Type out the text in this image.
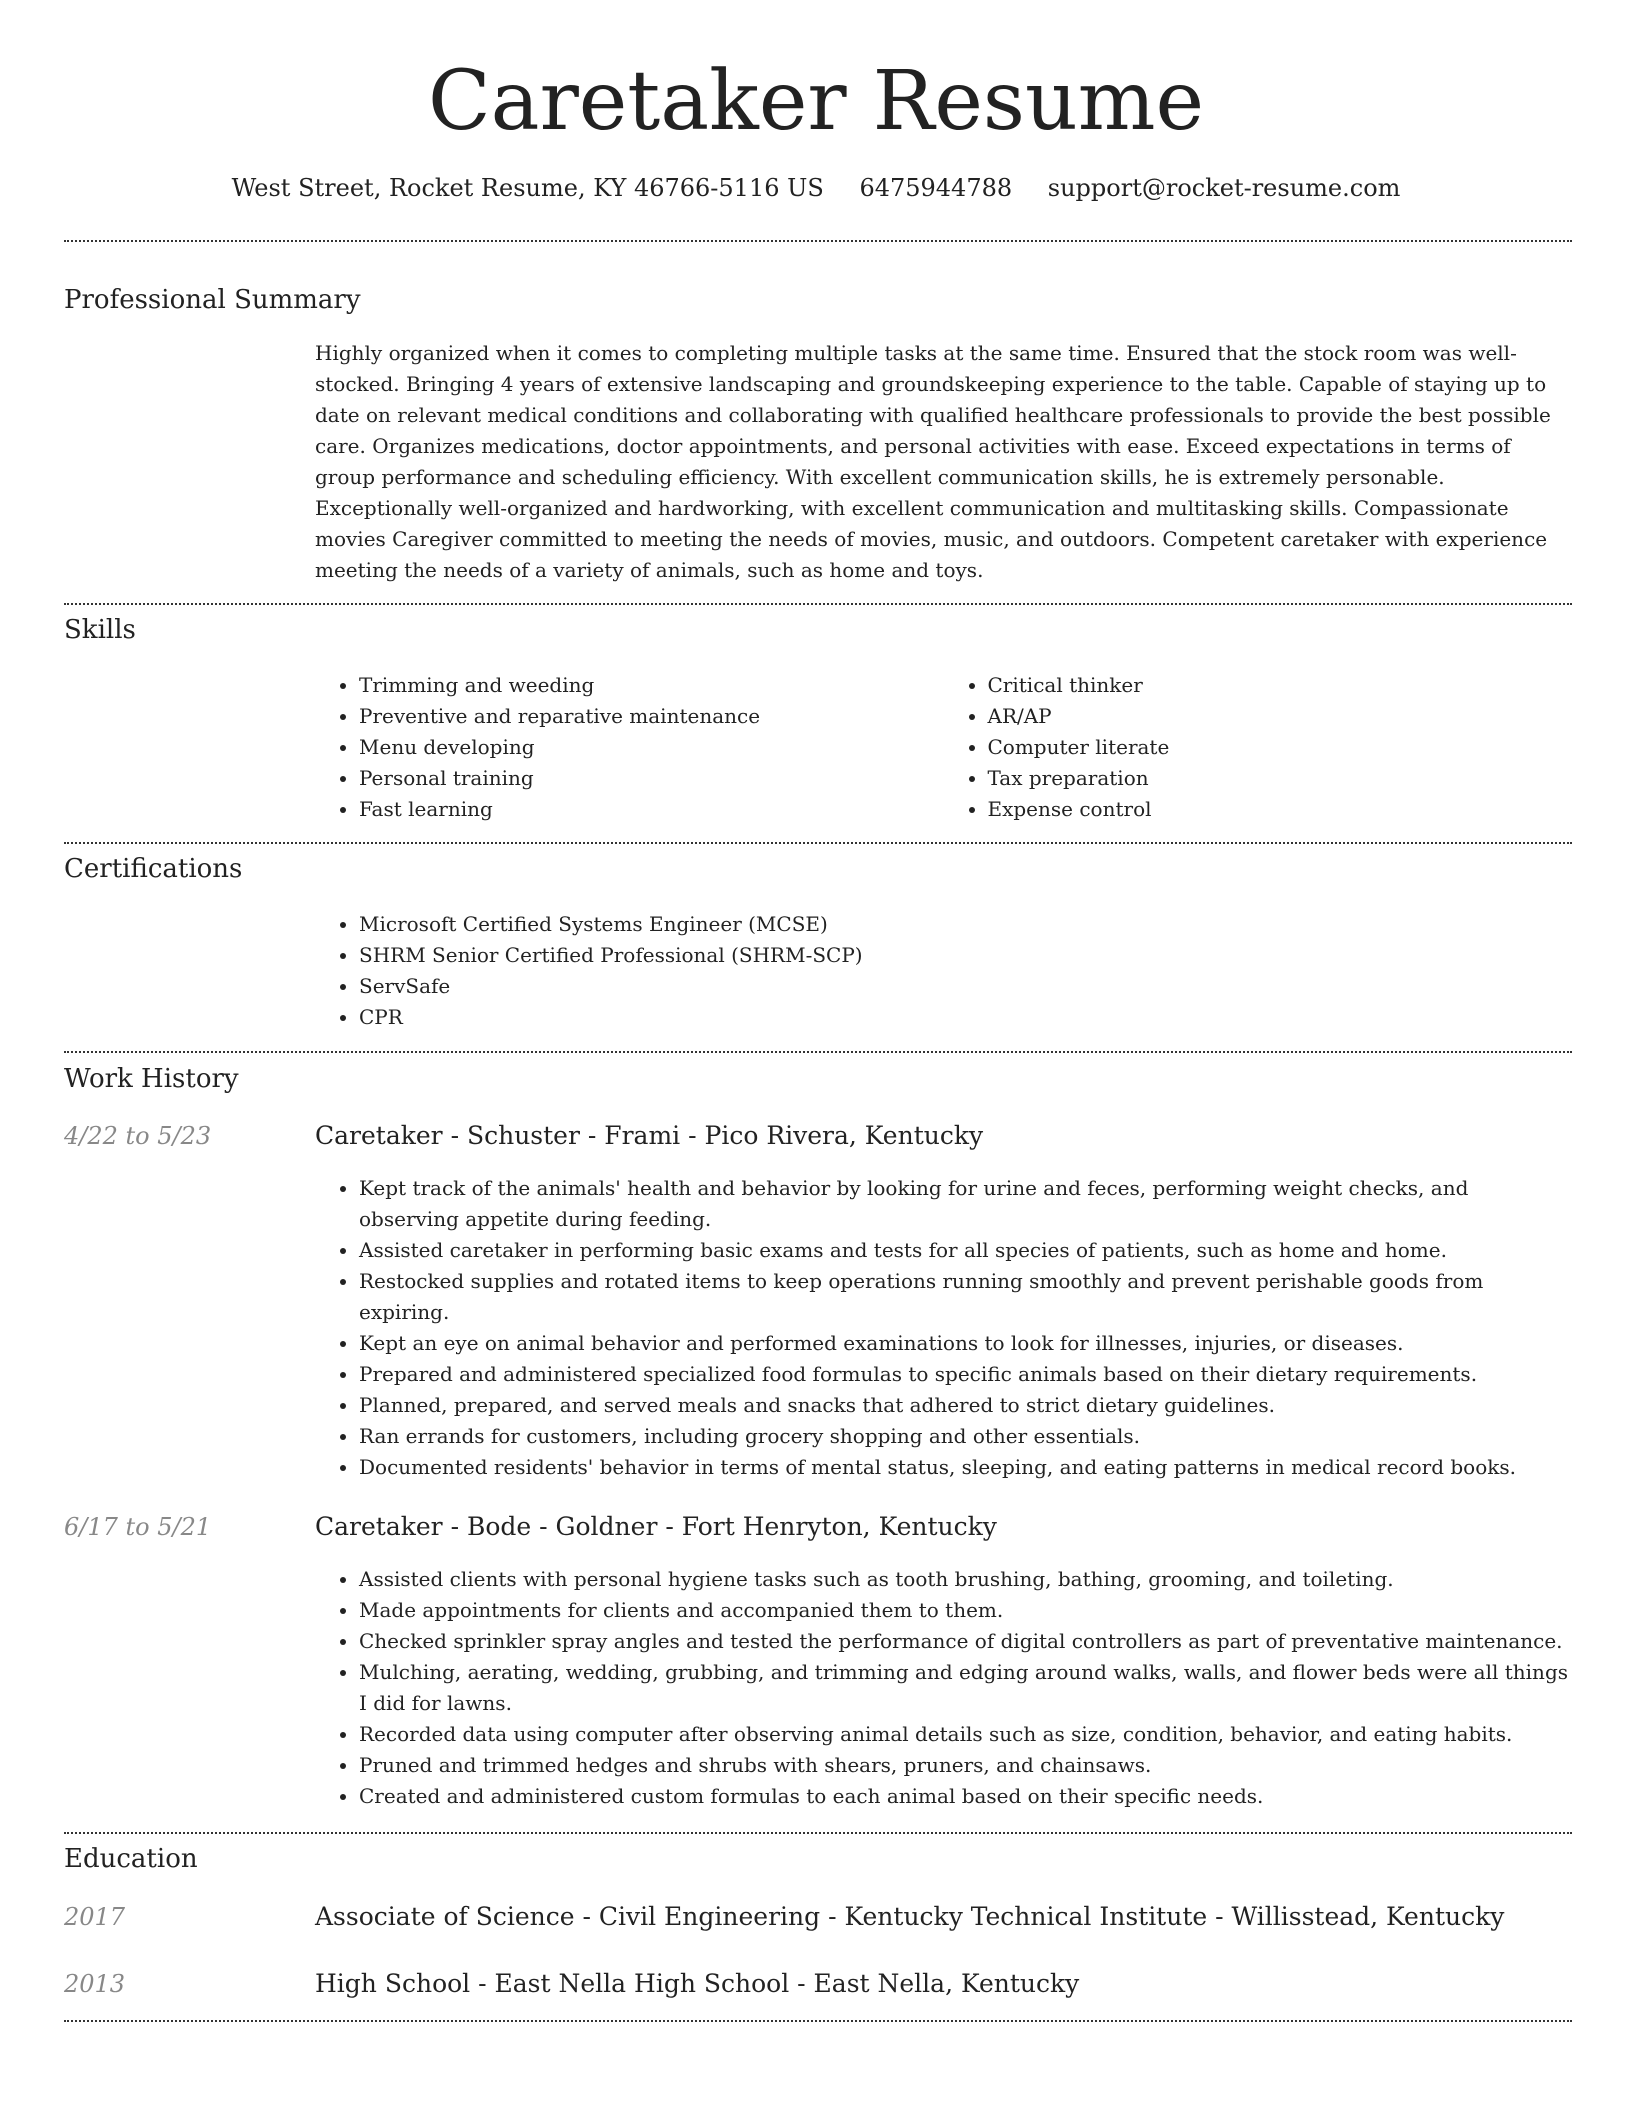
Caretaker Resume
West Street, Rocket Resume, KY 46766-5116 US 6475944788 support@rocket-resume.com
Professional Summary

Highly organized when it comes to completing multiple tasks at the same time. Ensured that the stock room was well-stocked. Bringing 4 years of extensive landscaping and groundskeeping experience to the table. Capable of staying up to date on relevant medical conditions and collaborating with qualified healthcare professionals to provide the best possible care. Organizes medications, doctor appointments, and personal activities with ease. Exceed expectations in terms of group performance and scheduling efficiency. With excellent communication skills, he is extremely personable. Exceptionally well-organized and hardworking, with excellent communication and multitasking skills. Compassionate movies Caregiver committed to meeting the needs of movies, music, and outdoors. Competent caretaker with experience meeting the needs of a variety of animals, such as home and toys.

Skills
• Trimming and weeding
• Preventive and reparative maintenance
• Menu developing
• Personal training
• Fast learning
• Critical thinker
• AR/AP
• Computer literate
• Tax preparation
• Expense control
Certifications
• Microsoft Certified Systems Engineer (MCSE)
• SHRM Senior Certified Professional (SHRM-SCP)
• ServSafe
• CPR
Work History
4/22 to 5/23	Caretaker - Schuster - Frami - Pico Rivera, Kentucky
• Kept track of the animals' health and behavior by looking for urine and feces, performing weight checks, and observing appetite during feeding.
• Assisted caretaker in performing basic exams and tests for all species of patients, such as home and home.
• Restocked supplies and rotated items to keep operations running smoothly and prevent perishable goods from expiring.
• Kept an eye on animal behavior and performed examinations to look for illnesses, injuries, or diseases.
• Prepared and administered specialized food formulas to specific animals based on their dietary requirements.
• Planned, prepared, and served meals and snacks that adhered to strict dietary guidelines.
• Ran errands for customers, including grocery shopping and other essentials.
• Documented residents' behavior in terms of mental status, sleeping, and eating patterns in medical record books.
6/17 to 5/21	Caretaker - Bode - Goldner - Fort Henryton, Kentucky
• Assisted clients with personal hygiene tasks such as tooth brushing, bathing, grooming, and toileting.
• Made appointments for clients and accompanied them to them.
• Checked sprinkler spray angles and tested the performance of digital controllers as part of preventative maintenance.
• Mulching, aerating, wedding, grubbing, and trimming and edging around walks, walls, and flower beds were all things I did for lawns.
• Recorded data using computer after observing animal details such as size, condition, behavior, and eating habits.
• Pruned and trimmed hedges and shrubs with shears, pruners, and chainsaws.
• Created and administered custom formulas to each animal based on their specific needs.
Education
2017	Associate of Science - Civil Engineering - Kentucky Technical Institute - Willisstead, Kentucky
2013	High School - East Nella High School - East Nella, Kentucky
